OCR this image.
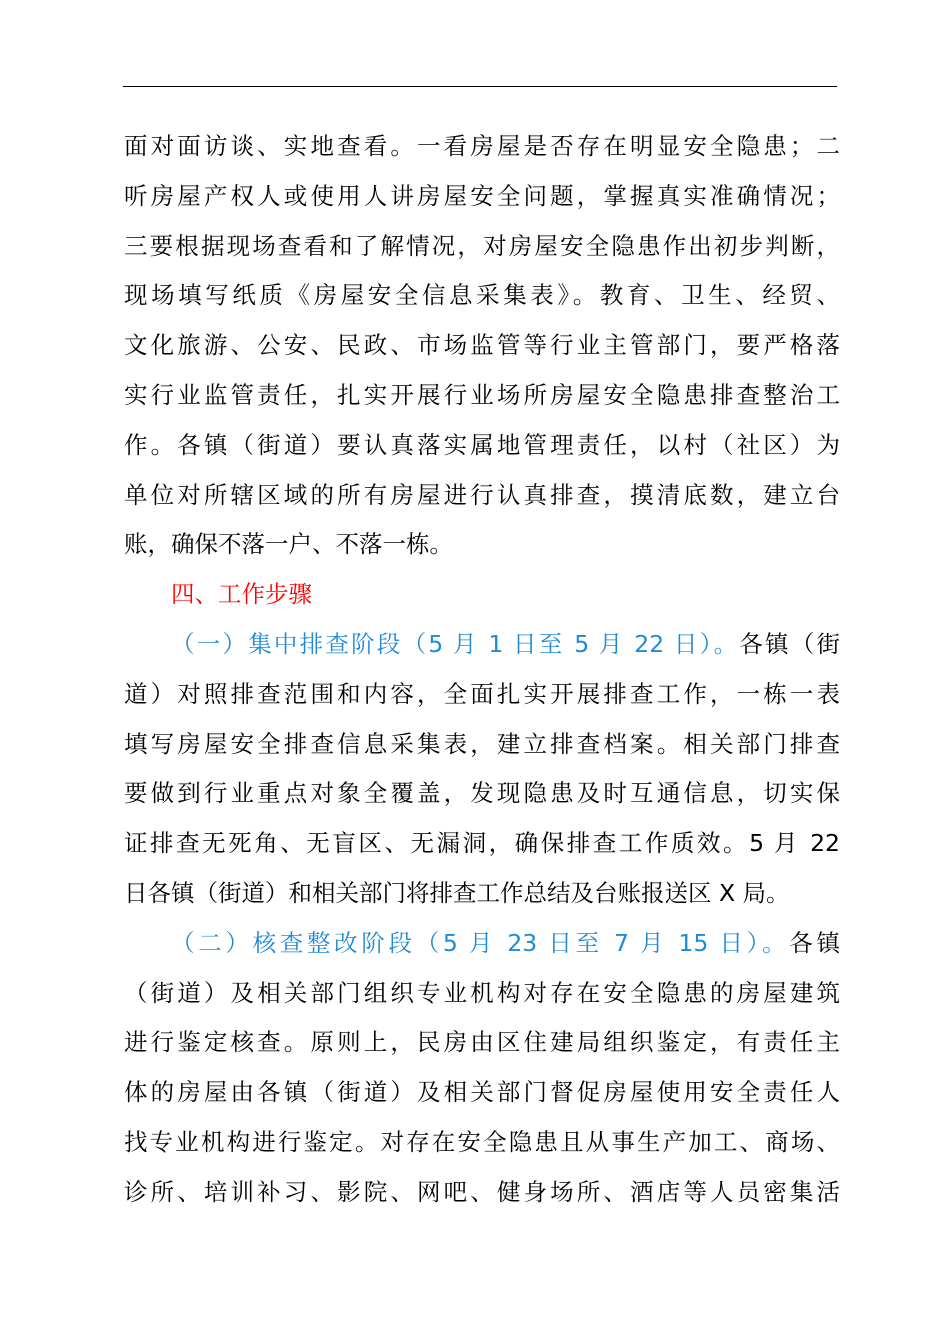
面对面访谈、实地查看。一看房屋是否存在明显安全隐患；二
听房屋产权人或使用人讲房屋安全问题，掌握真实准确情况；
三要根据现场查看和了解情况，对房屋安全隐患作出初步判断，
现场填写纸质《房屋安全信息采集表》。教育、卫生、经贸、
文化旅游、公安、民政、市场监管等行业主管部门，要严格落
实行业监管责任，扎实开展行业场所房屋安全隐患排查整治工
作。各镇（街道）要认真落实属地管理责任，以村（社区）为
单位对所辖区域的所有房屋进行认真排查，摸清底数，建立台
账，确保不落一户、不落一栋。
四、工作步骤
（一）集中排查阶段（5 月 1 日至 5 月 22 日）。各镇（街
道）对照排查范围和内容，全面扎实开展排查工作，一栋一表
填写房屋安全排查信息采集表，建立排查档案。相关部门排查
要做到行业重点对象全覆盖，发现隐患及时互通信息，切实保
证排查无死角、无盲区、无漏洞，确保排查工作质效。5 月 22
日各镇（街道）和相关部门将排查工作总结及台账报送区 X 局。
（二）核查整改阶段（5 月 23 日至 7 月 15 日）。各镇
（街道）及相关部门组织专业机构对存在安全隐患的房屋建筑
进行鉴定核查。原则上，民房由区住建局组织鉴定，有责任主
体的房屋由各镇（街道）及相关部门督促房屋使用安全责任人
找专业机构进行鉴定。对存在安全隐患且从事生产加工、商场、
诊所、培训补习、影院、网吧、健身场所、酒店等人员密集活
